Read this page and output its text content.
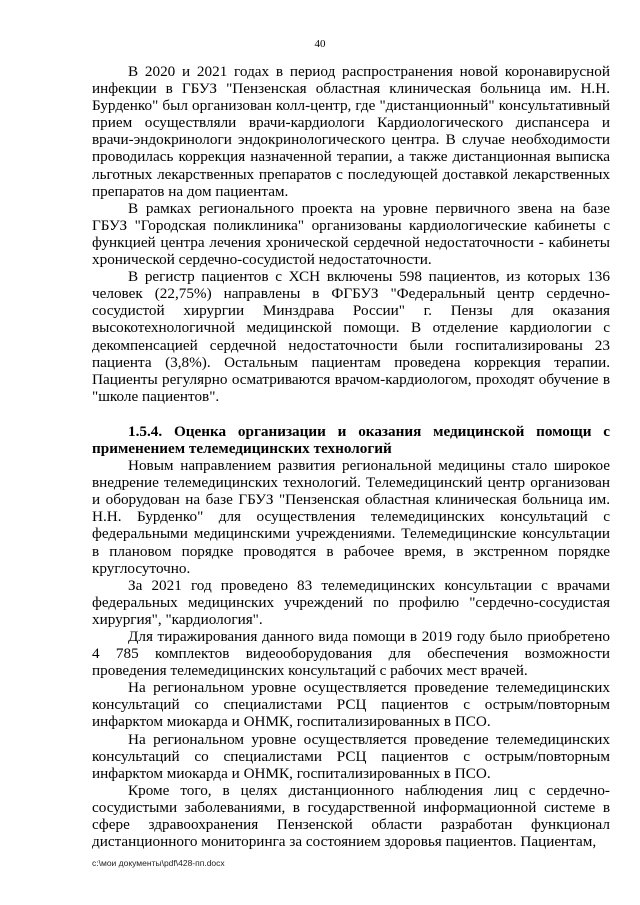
40

В 2020 и 2021 годах в период распространения новой коронавирусной инфекции в ГБУЗ "Пензенская областная клиническая больница им. Н.Н. Бурденко" был организован колл-центр, где "дистанционный" консультативный прием осуществляли врачи-кардиологи Кардиологического диспансера и врачи-эндокринологи эндокринологического центра. В случае необходимости проводилась коррекция назначенной терапии, а также дистанционная выписка льготных лекарственных препаратов с последующей доставкой лекарственных препаратов на дом пациентам.

В рамках регионального проекта на уровне первичного звена на базе ГБУЗ "Городская поликлиника" организованы кардиологические кабинеты с функцией центра лечения хронической сердечной недостаточности - кабинеты хронической сердечно-сосудистой недостаточности.

В регистр пациентов с ХСН включены 598 пациентов, из которых 136 человек (22,75%) направлены в ФГБУЗ "Федеральный центр сердечно-сосудистой хирургии Минздрава России" г. Пензы для оказания высокотехнологичной медицинской помощи. В отделение кардиологии с декомпенсацией сердечной недостаточности были госпитализированы 23 пациента (3,8%). Остальным пациентам проведена коррекция терапии. Пациенты регулярно осматриваются врачом-кардиологом, проходят обучение в "школе пациентов".

1.5.4. Оценка организации и оказания медицинской помощи с применением телемедицинских технологий

Новым направлением развития региональной медицины стало широкое внедрение телемедицинских технологий. Телемедицинский центр организован и оборудован на базе ГБУЗ "Пензенская областная клиническая больница им. Н.Н. Бурденко" для осуществления телемедицинских консультаций с федеральными медицинскими учреждениями. Телемедицинские консультации в плановом порядке проводятся в рабочее время, в экстренном порядке круглосуточно.

За 2021 год проведено 83 телемедицинских консультации с врачами федеральных медицинских учреждений по профилю "сердечно-сосудистая хирургия", "кардиология".

Для тиражирования данного вида помощи в 2019 году было приобретено 4 785 комплектов видеооборудования для обеспечения возможности проведения телемедицинских консультаций с рабочих мест врачей.

На региональном уровне осуществляется проведение телемедицинских консультаций со специалистами РСЦ пациентов с острым/повторным инфарктом миокарда и ОНМК, госпитализированных в ПСО.

На региональном уровне осуществляется проведение телемедицинских консультаций со специалистами РСЦ пациентов с острым/повторным инфарктом миокарда и ОНМК, госпитализированных в ПСО.

Кроме того, в целях дистанционного наблюдения лиц с сердечно-сосудистыми заболеваниями, в государственной информационной системе в сфере здравоохранения Пензенской области разработан функционал дистанционного мониторинга за состоянием здоровья пациентов. Пациентам,

c:\мои документы\pdf\428-пп.docx
